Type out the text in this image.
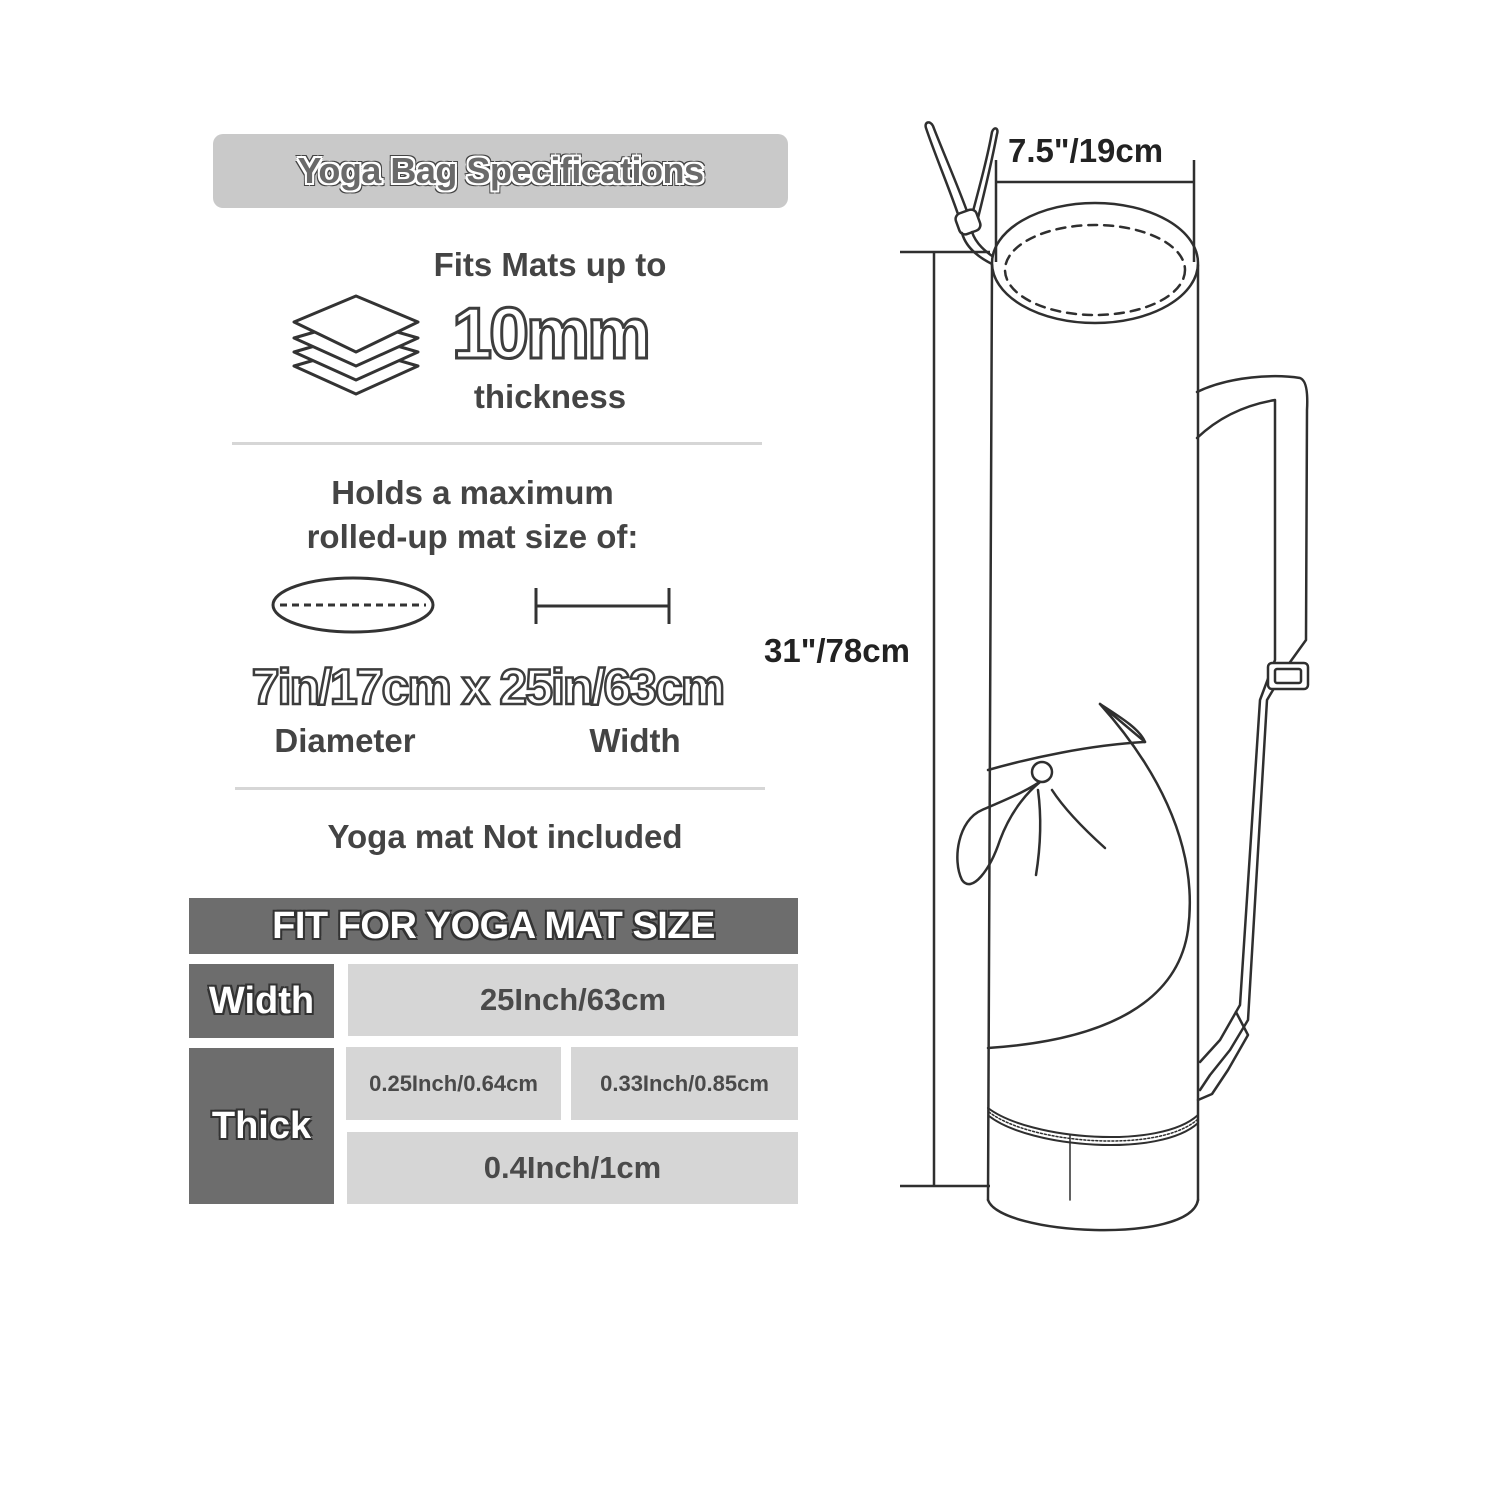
Yoga Bag Specifications
Fits Mats up to
10mm
thickness
Holds a maximum
rolled-up mat size of:
7in/17cm x 25in/63cm
Diameter	Width
Yoga mat Not included
FIT FOR YOGA MAT SIZE
Width	25Inch/63cm
Thick
0.25Inch/0.64cm	0.33Inch/0.85cm
0.4Inch/1cm
7.5"/19cm
31"/78cm
